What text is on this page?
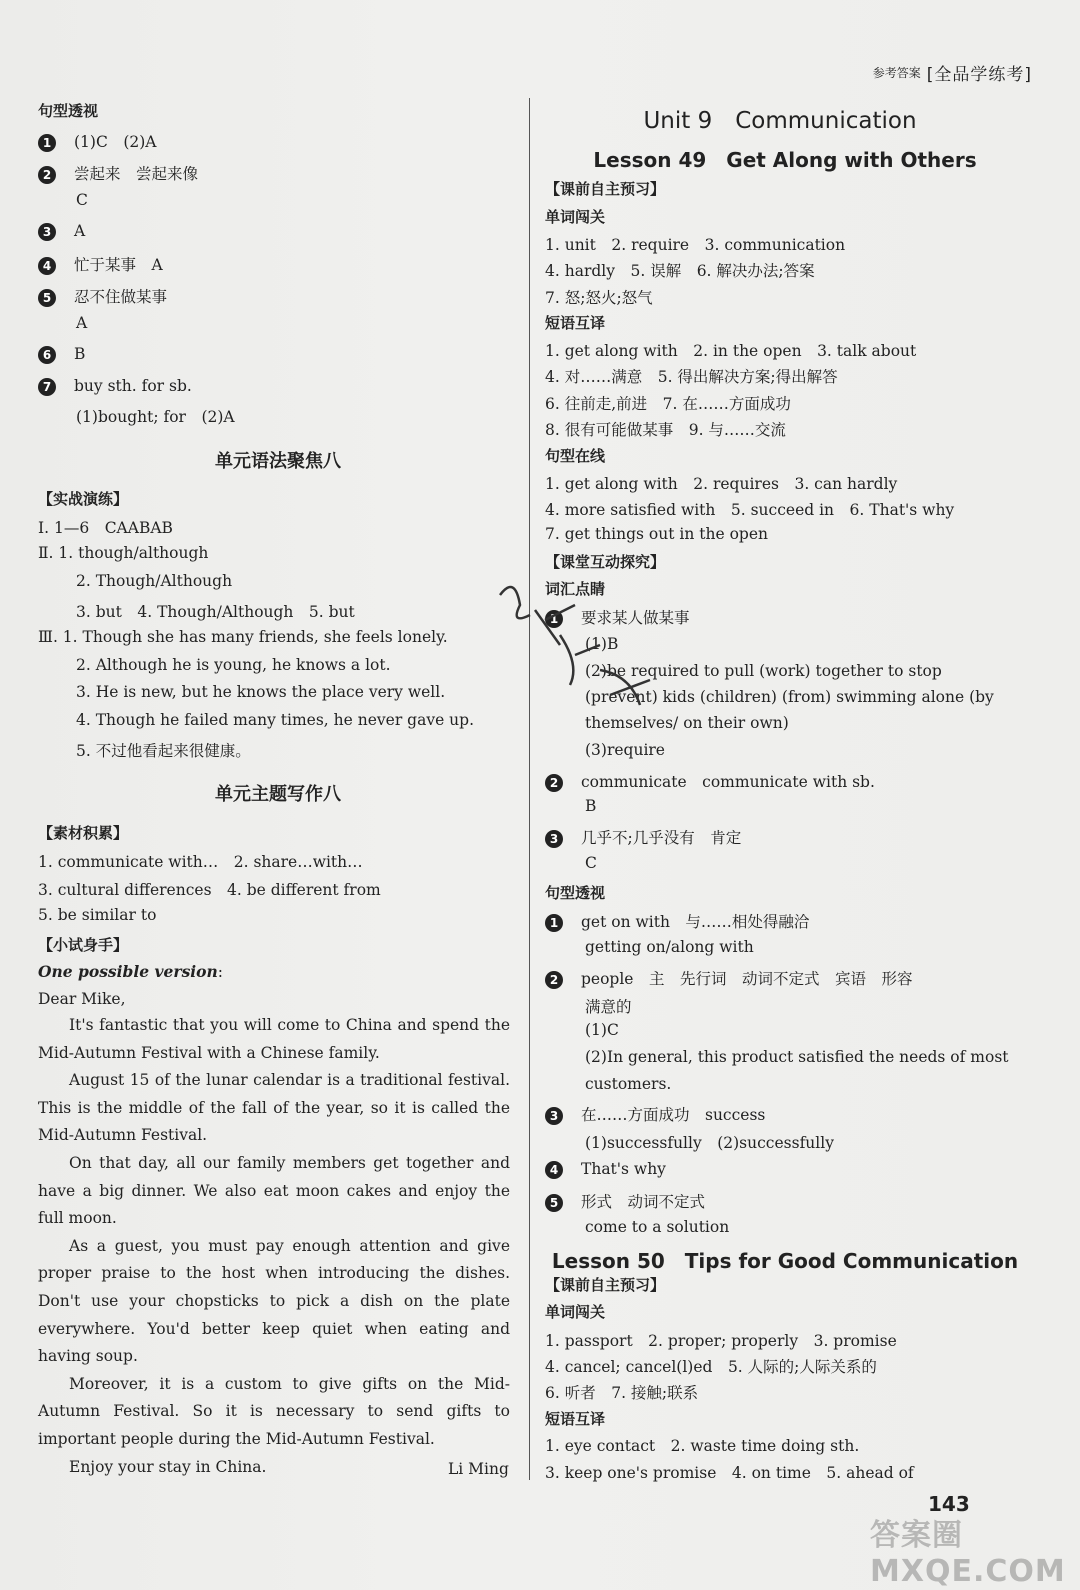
参考答案 [全品学练考]
句型透视
1 (1)C　(2)A
2 尝起来　尝起来像
C
3 A
4 忙于某事　A
5 忍不住做某事
A
6 B
7 buy sth. for sb.
(1)bought; for　(2)A
单元语法聚焦八
【实战演练】
Ⅰ. 1—6　CAABAB
Ⅱ. 1. though/although
2. Though/Although
3. but　4. Though/Although　5. but
Ⅲ. 1. Though she has many friends, she feels lonely.
2. Although he is young, he knows a lot.
3. He is new, but he knows the place very well.
4. Though he failed many times, he never gave up.
5. 不过他看起来很健康。
单元主题写作八
【素材积累】
1. communicate with…　2. share…with…
3. cultural differences　4. be different from
5. be similar to
【小试身手】
One possible version:
Dear Mike,

It's fantastic that you will come to China and spend the Mid-Autumn Festival with a Chinese family.

August 15 of the lunar calendar is a traditional festival. This is the middle of the fall of the year, so it is called the Mid-Autumn Festival.

On that day, all our family members get together and have a big dinner. We also eat moon cakes and enjoy the full moon.

As a guest, you must pay enough attention and give proper praise to the host when introducing the dishes. Don't use your chopsticks to pick a dish on the plate everywhere. You'd better keep quiet when eating and having soup.

Moreover, it is a custom to give gifts on the Mid-Autumn Festival. So it is necessary to send gifts to important people during the Mid-Autumn Festival.

Enjoy your stay in China.	Li Ming
Unit 9　Communication
Lesson 49　Get Along with Others
【课前自主预习】
单词闯关
1. unit　2. require　3. communication
4. hardly　5. 误解　6. 解决办法;答案
7. 怒;怒火;怒气
短语互译
1. get along with　2. in the open　3. talk about
4. 对……满意　5. 得出解决方案;得出解答
6. 往前走,前进　7. 在……方面成功
8. 很有可能做某事　9. 与……交流
句型在线
1. get along with　2. requires　3. can hardly
4. more satisfied with　5. succeed in　6. That's why
7. get things out in the open
【课堂互动探究】
词汇点睛
1 要求某人做某事
(1)B
(2)be required to pull (work) together to stop
(prevent) kids (children) (from) swimming alone (by
themselves/ on their own)
(3)require
2 communicate　communicate with sb.
B
3 几乎不;几乎没有　肯定
C
句型透视
1 get on with　与……相处得融洽
getting on/along with
2 people　主　先行词　动词不定式　宾语　形容
满意的
(1)C
(2)In general, this product satisfied the needs of most
customers.
3 在……方面成功　success
(1)successfully　(2)successfully
4 That's why
5 形式　动词不定式
come to a solution
Lesson 50　Tips for Good Communication
【课前自主预习】
单词闯关
1. passport　2. proper; properly　3. promise
4. cancel; cancel(l)ed　5. 人际的;人际关系的
6. 听者　7. 接触;联系
短语互译
1. eye contact　2. waste time doing sth.
3. keep one's promise　4. on time　5. ahead of
143
答案圈 MXQE.COM
